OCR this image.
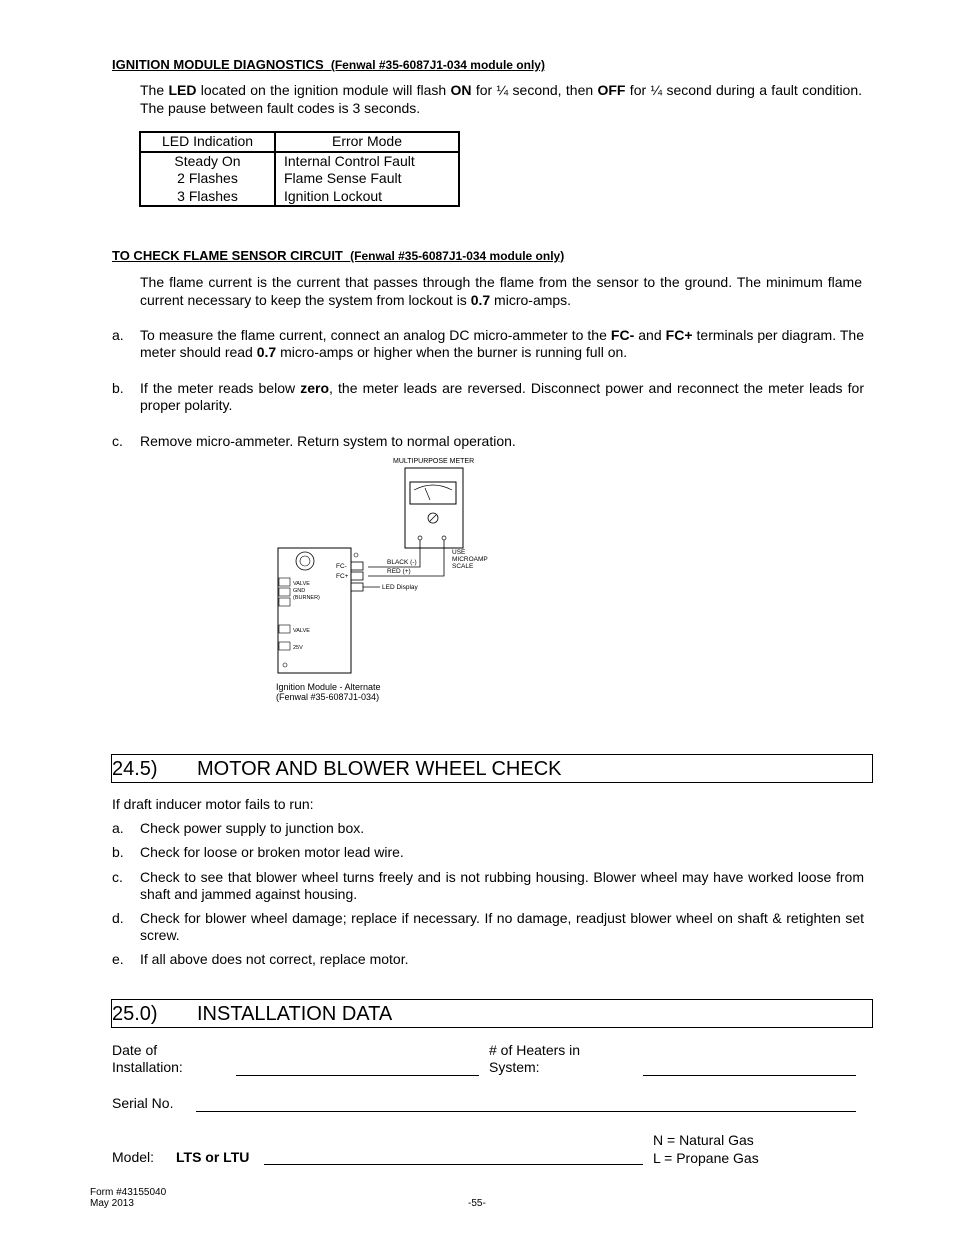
IGNITION MODULE DIAGNOSTICS (Fenwal #35-6087J1-034 module only)
The LED located on the ignition module will flash ON for ¼ second, then OFF for ¼ second during a fault condition. The pause between fault codes is 3 seconds.
LED Indication	Error Mode
Steady On	Internal Control Fault
2 Flashes	Flame Sense Fault
3 Flashes	Ignition Lockout
TO CHECK FLAME SENSOR CIRCUIT (Fenwal #35-6087J1-034 module only)
The flame current is the current that passes through the flame from the sensor to the ground. The minimum flame current necessary to keep the system from lockout is 0.7 micro-amps.
a. To measure the flame current, connect an analog DC micro-ammeter to the FC- and FC+ terminals per diagram. The meter should read 0.7 micro-amps or higher when the burner is running full on.
b. If the meter reads below zero, the meter leads are reversed. Disconnect power and reconnect the meter leads for proper polarity.
c. Remove micro-ammeter. Return system to normal operation.
MULTIPURPOSE METER
BLACK (-)
RED (+)
USE
MICROAMP
SCALE
FC-
FC+
LED Display
VALVE
GND
(BURNER)
VALVE
25V
Ignition Module - Alternate
(Fenwal #35-6087J1-034)
24.5) MOTOR AND BLOWER WHEEL CHECK
If draft inducer motor fails to run:
a. Check power supply to junction box.
b. Check for loose or broken motor lead wire.
c. Check to see that blower wheel turns freely and is not rubbing housing. Blower wheel may have worked loose from shaft and jammed against housing.
d. Check for blower wheel damage; replace if necessary. If no damage, readjust blower wheel on shaft & retighten set screw.
e. If all above does not correct, replace motor.
25.0) INSTALLATION DATA
Date of
Installation:
# of Heaters in
System:
Serial No.
Model: LTS or LTU
N = Natural Gas
L = Propane Gas
Form #43155040
May 2013	-55-
